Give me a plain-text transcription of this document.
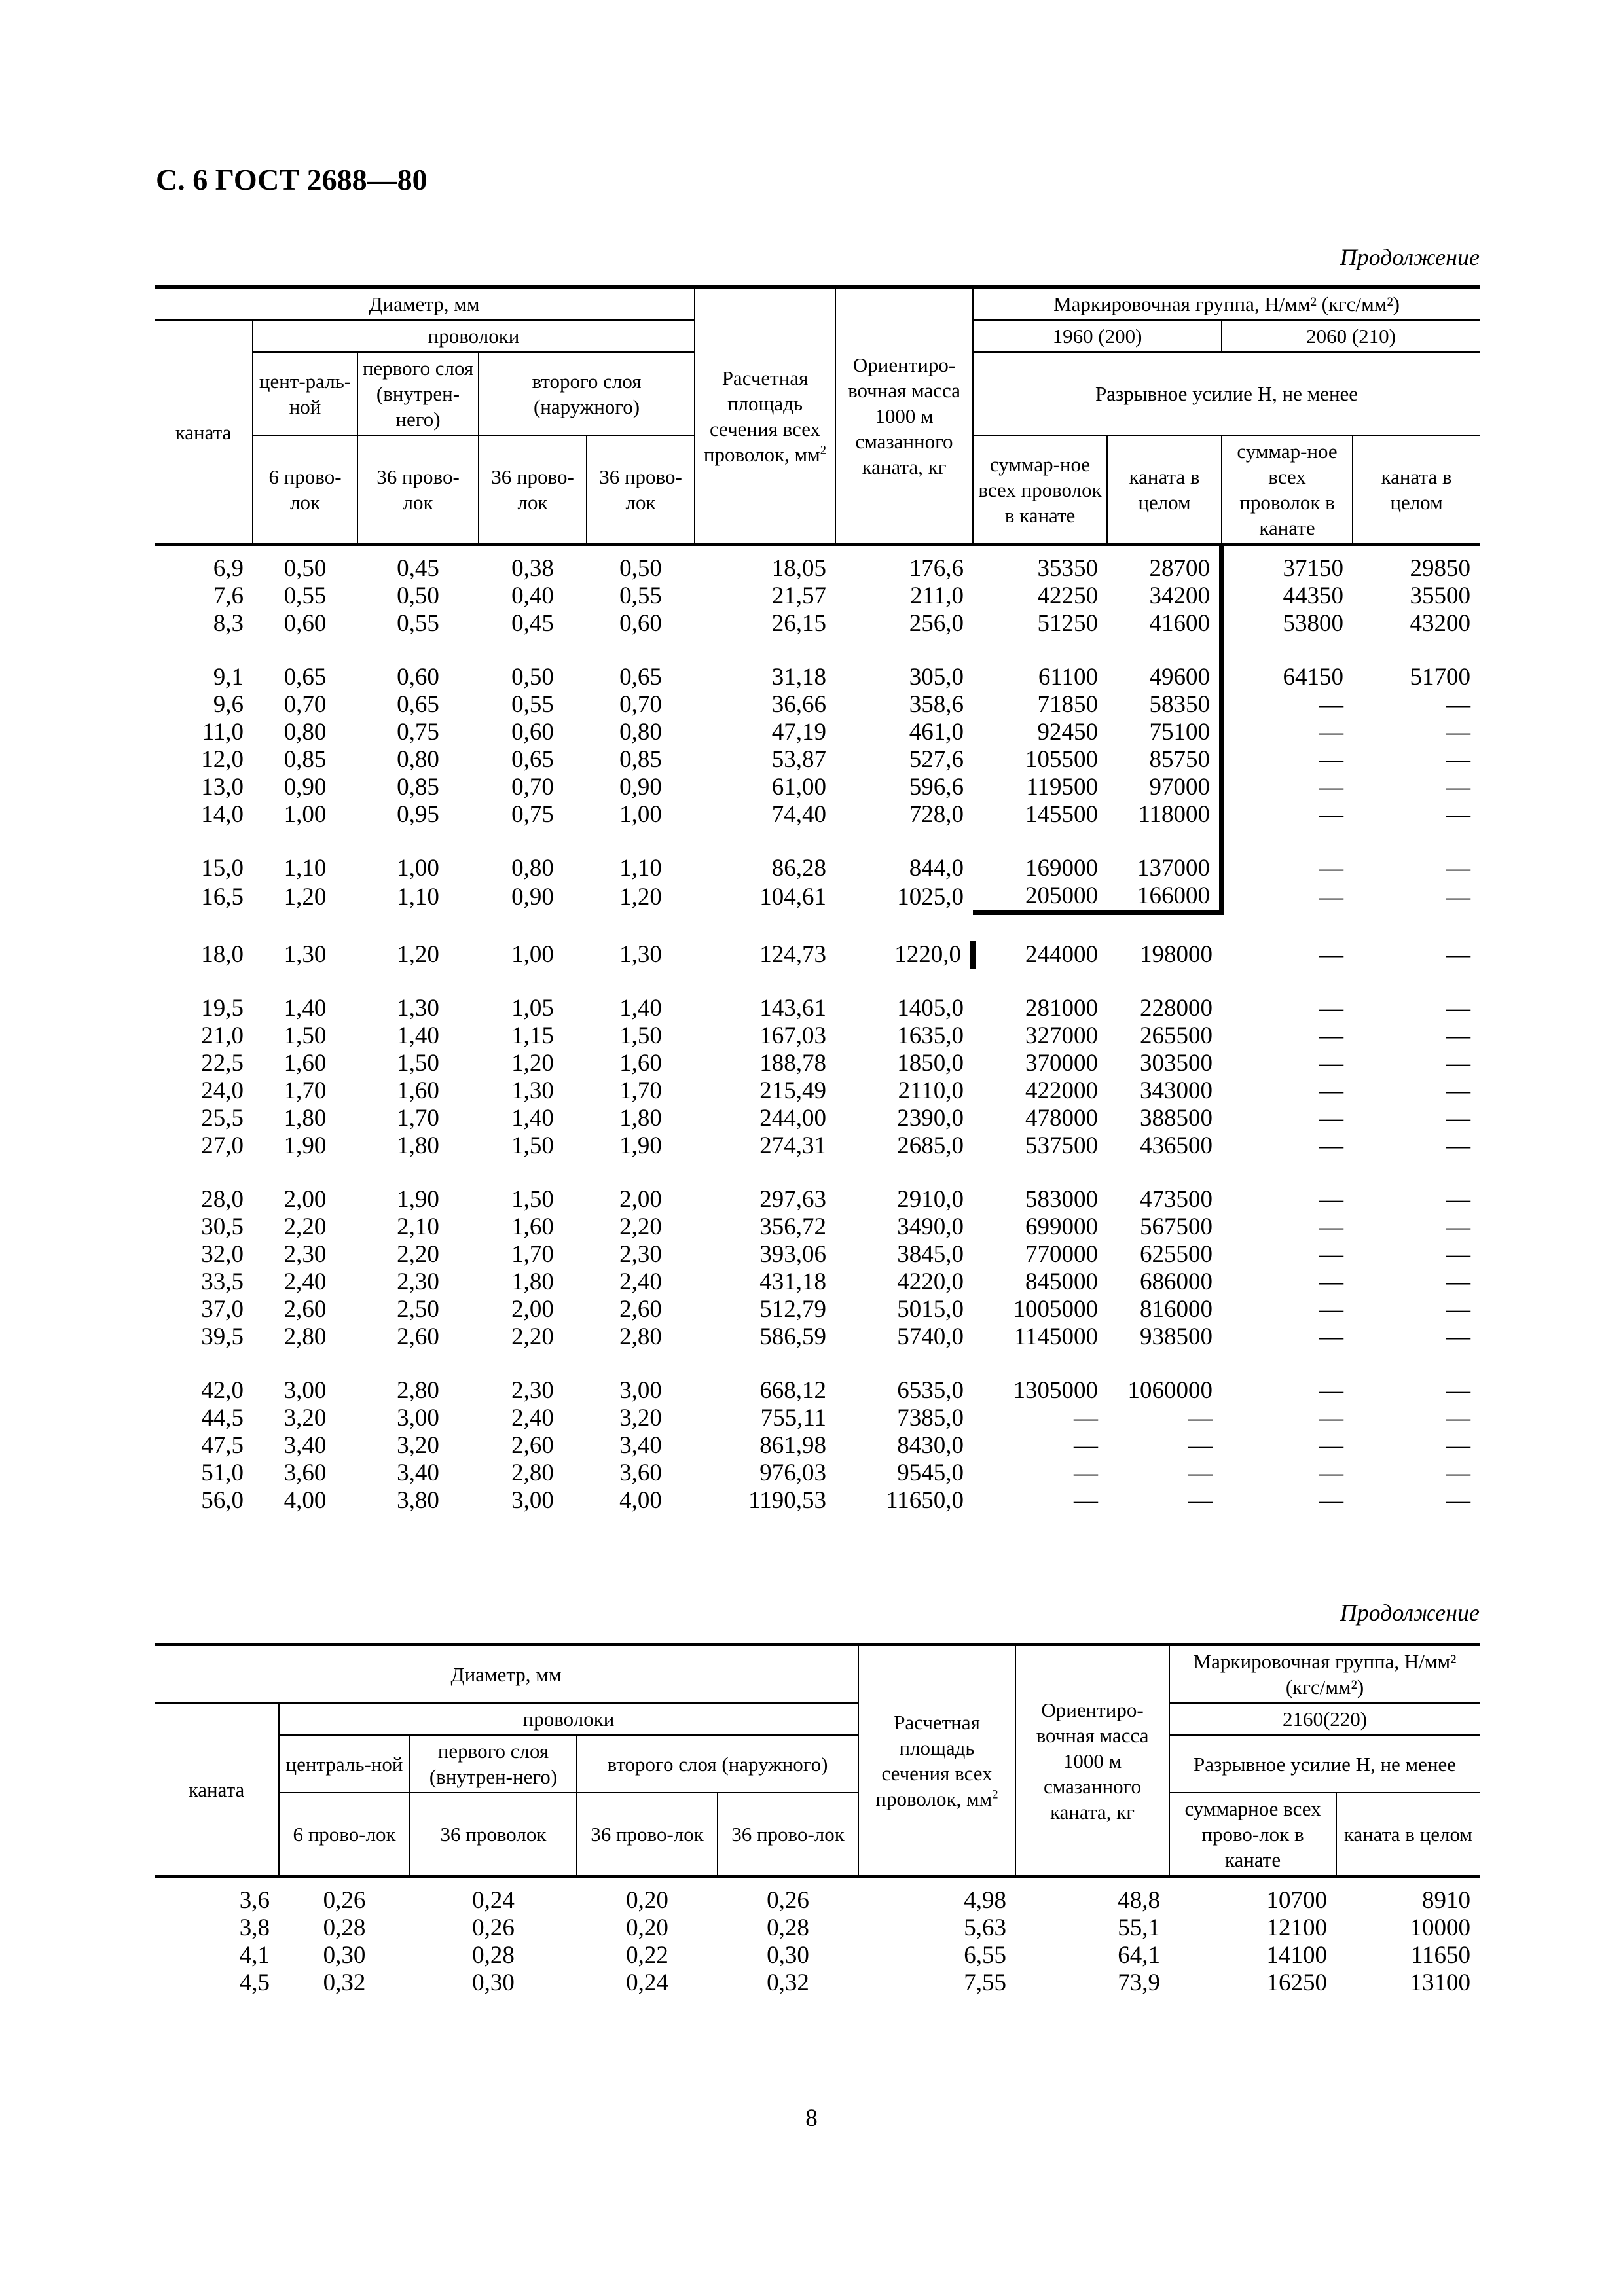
С. 6 ГОСТ 2688—80
Продолжение
Диаметр, мм					Расчетная площадь сечения всех проволок, $мм^2$	Ориентиро-вочная масса 1000 м смазанного каната, кг	Маркировочная группа, Н/мм² (кгс/мм²)			
каната	проволоки						1960 (200)		2060 (210)	
	цент-раль-ной	первого слоя (внутрен-него)	второго слоя (наружного)				Разрывное усилие Н, не менее			
	6 прово-лок	36 прово-лок	36 прово-лок	36 прово-лок			суммар-ное всех проволок в канате	каната в целом	суммар-ное всех проволок в канате	каната в целом
6,9	0,50	0,45	0,38	0,50	18,05	176,6	35350	28700	37150	29850
7,6	0,55	0,50	0,40	0,55	21,57	211,0	42250	34200	44350	35500
8,3	0,60	0,55	0,45	0,60	26,15	256,0	51250	41600	53800	43200

9,1	0,65	0,60	0,50	0,65	31,18	305,0	61100	49600	64150	51700
9,6	0,70	0,65	0,55	0,70	36,66	358,6	71850	58350	—	—
11,0	0,80	0,75	0,60	0,80	47,19	461,0	92450	75100	—	—
12,0	0,85	0,80	0,65	0,85	53,87	527,6	105500	85750	—	—
13,0	0,90	0,85	0,70	0,90	61,00	596,6	119500	97000	—	—
14,0	1,00	0,95	0,75	1,00	74,40	728,0	145500	118000	—	—

15,0	1,10	1,00	0,80	1,10	86,28	844,0	169000	137000	—	—
16,5	1,20	1,10	0,90	1,20	104,61	1025,0	205000	166000	—	—

18,0	1,30	1,20	1,00	1,30	124,73	1220,0	244000	198000	—	—

19,5	1,40	1,30	1,05	1,40	143,61	1405,0	281000	228000	—	—
21,0	1,50	1,40	1,15	1,50	167,03	1635,0	327000	265500	—	—
22,5	1,60	1,50	1,20	1,60	188,78	1850,0	370000	303500	—	—
24,0	1,70	1,60	1,30	1,70	215,49	2110,0	422000	343000	—	—
25,5	1,80	1,70	1,40	1,80	244,00	2390,0	478000	388500	—	—
27,0	1,90	1,80	1,50	1,90	274,31	2685,0	537500	436500	—	—

28,0	2,00	1,90	1,50	2,00	297,63	2910,0	583000	473500	—	—
30,5	2,20	2,10	1,60	2,20	356,72	3490,0	699000	567500	—	—
32,0	2,30	2,20	1,70	2,30	393,06	3845,0	770000	625500	—	—
33,5	2,40	2,30	1,80	2,40	431,18	4220,0	845000	686000	—	—
37,0	2,60	2,50	2,00	2,60	512,79	5015,0	1005000	816000	—	—
39,5	2,80	2,60	2,20	2,80	586,59	5740,0	1145000	938500	—	—

42,0	3,00	2,80	2,30	3,00	668,12	6535,0	1305000	1060000	—	—
44,5	3,20	3,00	2,40	3,20	755,11	7385,0	—	—	—	—
47,5	3,40	3,20	2,60	3,40	861,98	8430,0	—	—	—	—
51,0	3,60	3,40	2,80	3,60	976,03	9545,0	—	—	—	—
56,0	4,00	3,80	3,00	4,00	1190,53	11650,0	—	—	—	—
Продолжение
Диаметр, мм					Расчетная площадь сечения всех проволок, $мм^2$	Ориентиро-вочная масса 1000 м смазанного каната, кг	Маркировочная группа, Н/мм² (кгс/мм²)	
каната	проволоки						2160(220)	
	централь-ной	первого слоя (внутрен-него)	второго слоя (наружного)				Разрывное усилие Н, не менее	
	6 прово-лок	36 проволок	36 прово-лок	36 прово-лок			суммарное всех прово-лок в канате	каната в целом
3,6	0,26	0,24	0,20	0,26	4,98	48,8	10700	8910
3,8	0,28	0,26	0,20	0,28	5,63	55,1	12100	10000
4,1	0,30	0,28	0,22	0,30	6,55	64,1	14100	11650
4,5	0,32	0,30	0,24	0,32	7,55	73,9	16250	13100
8
